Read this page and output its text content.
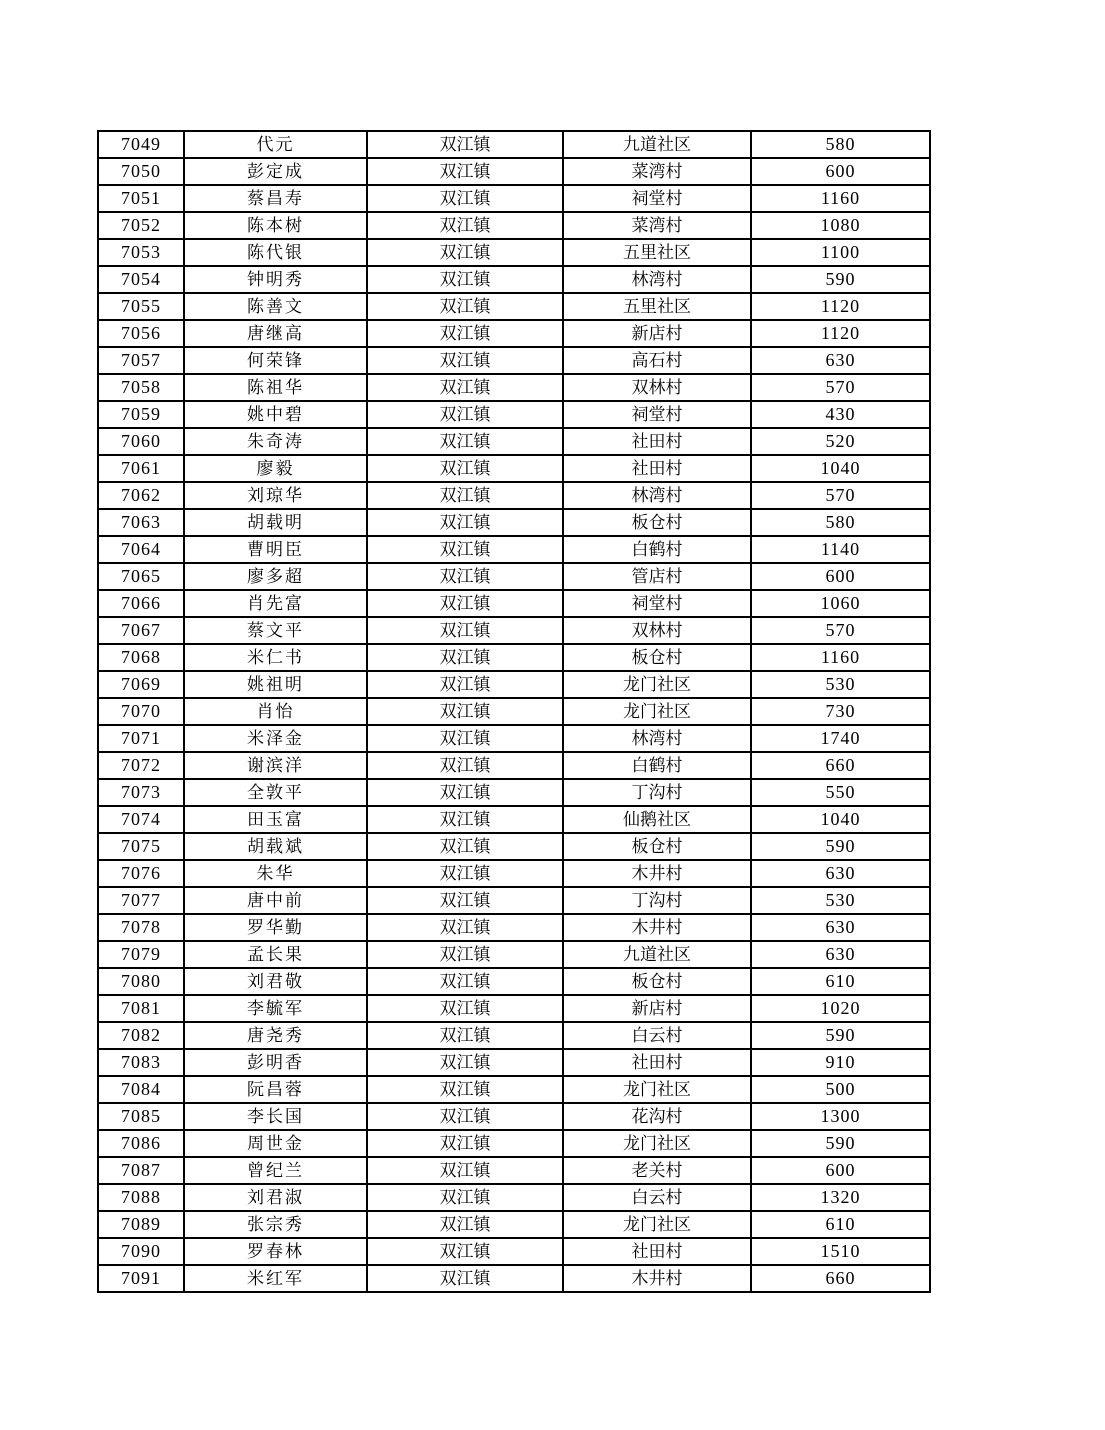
7049	代元	双江镇	九道社区	580
7050	彭定成	双江镇	菜湾村	600
7051	蔡昌寿	双江镇	祠堂村	1160
7052	陈本树	双江镇	菜湾村	1080
7053	陈代银	双江镇	五里社区	1100
7054	钟明秀	双江镇	林湾村	590
7055	陈善文	双江镇	五里社区	1120
7056	唐继高	双江镇	新店村	1120
7057	何荣锋	双江镇	高石村	630
7058	陈祖华	双江镇	双林村	570
7059	姚中碧	双江镇	祠堂村	430
7060	朱奇涛	双江镇	社田村	520
7061	廖毅	双江镇	社田村	1040
7062	刘琼华	双江镇	林湾村	570
7063	胡载明	双江镇	板仓村	580
7064	曹明臣	双江镇	白鹤村	1140
7065	廖多超	双江镇	管店村	600
7066	肖先富	双江镇	祠堂村	1060
7067	蔡文平	双江镇	双林村	570
7068	米仁书	双江镇	板仓村	1160
7069	姚祖明	双江镇	龙门社区	530
7070	肖怡	双江镇	龙门社区	730
7071	米泽金	双江镇	林湾村	1740
7072	谢滨洋	双江镇	白鹤村	660
7073	全敦平	双江镇	丁沟村	550
7074	田玉富	双江镇	仙鹅社区	1040
7075	胡载斌	双江镇	板仓村	590
7076	朱华	双江镇	木井村	630
7077	唐中前	双江镇	丁沟村	530
7078	罗华勤	双江镇	木井村	630
7079	孟长果	双江镇	九道社区	630
7080	刘君敬	双江镇	板仓村	610
7081	李毓军	双江镇	新店村	1020
7082	唐尧秀	双江镇	白云村	590
7083	彭明香	双江镇	社田村	910
7084	阮昌蓉	双江镇	龙门社区	500
7085	李长国	双江镇	花沟村	1300
7086	周世金	双江镇	龙门社区	590
7087	曾纪兰	双江镇	老关村	600
7088	刘君淑	双江镇	白云村	1320
7089	张宗秀	双江镇	龙门社区	610
7090	罗春林	双江镇	社田村	1510
7091	米红军	双江镇	木井村	660
